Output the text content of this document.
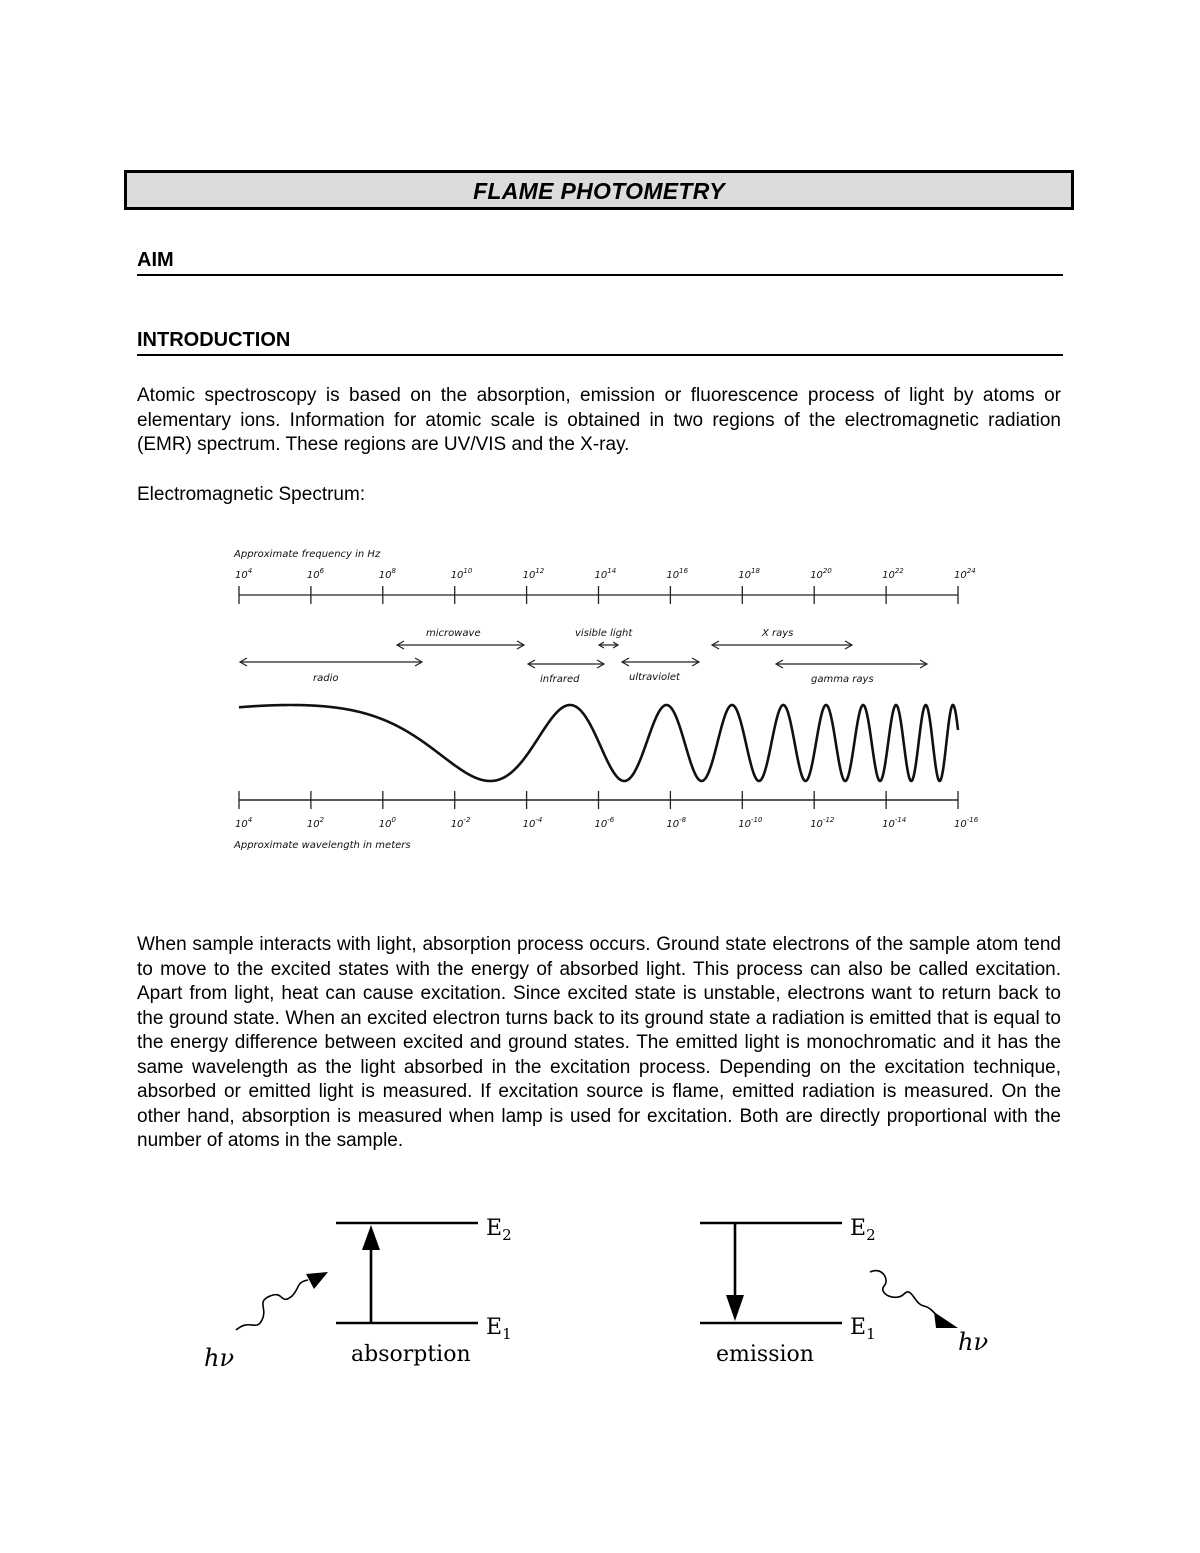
FLAME PHOTOMETRY
AIM
INTRODUCTION

Atomic spectroscopy is based on the absorption, emission or fluorescence process of light by atoms or elementary ions. Information for atomic scale is obtained in two regions of the electromagnetic radiation (EMR) spectrum. These regions are UV/VIS and the X-ray.

Electromagnetic Spectrum:
Approximate frequency in Hz
$10^4$	$10^6$	$10^8$	$10^{10}$	$10^{12}$	$10^{14}$	$10^{16}$	$10^{18}$	$10^{20}$	$10^{22}$	$10^{24}$
radio
microwave
infrared
visible light
ultraviolet
X rays
gamma rays
$10^4$	$10^2$	$10^0$	$10^{-2}$	$10^{-4}$	$10^{-6}$	$10^{-8}$	$10^{-10}$	$10^{-12}$	$10^{-14}$	$10^{-16}$
Approximate wavelength in meters

When sample interacts with light, absorption process occurs. Ground state electrons of the sample atom tend to move to the excited states with the energy of absorbed light. This process can also be called excitation. Apart from light, heat can cause excitation. Since excited state is unstable, electrons want to return back to the ground state. When an excited electron turns back to its ground state a radiation is emitted that is equal to the energy difference between excited and ground states. The emitted light is monochromatic and it has the same wavelength as the light absorbed in the excitation process. Depending on the excitation technique, absorbed or emitted light is measured. If excitation source is flame, emitted radiation is measured. On the other hand, absorption is measured when lamp is used for excitation. Both are directly proportional with the number of atoms in the sample.

$E_2$
$E_1$
hν	absorption
$E_2$
$E_1$	hν
emission
